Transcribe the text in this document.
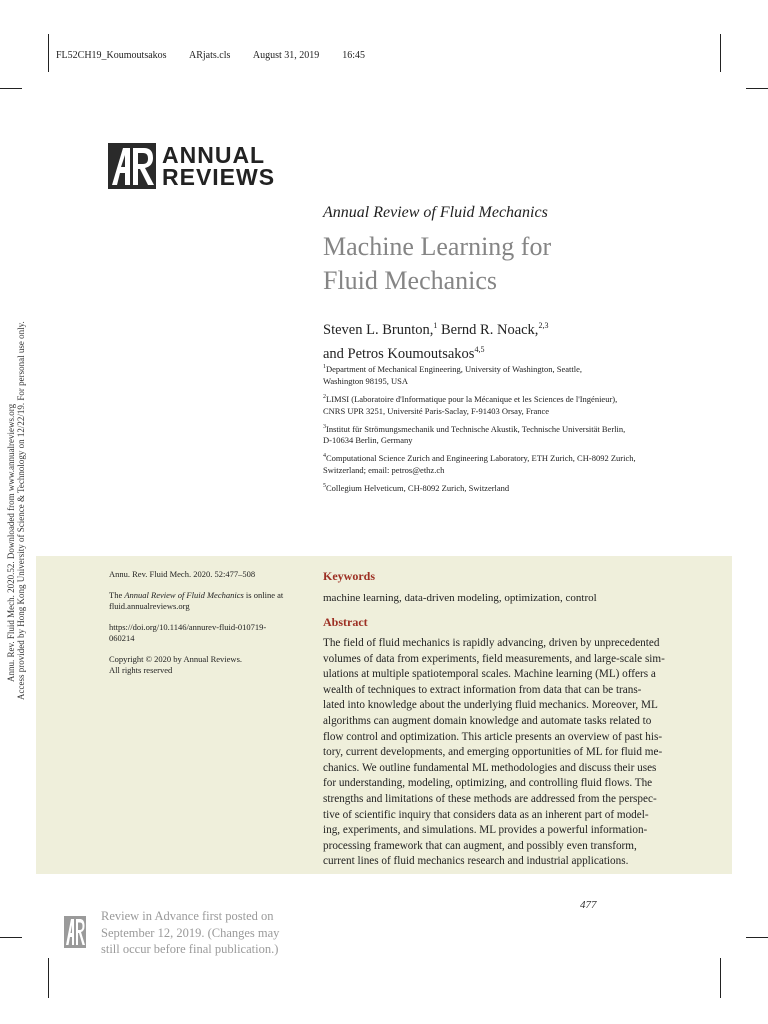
FL52CH19_Koumoutsakos ARjats.cls August 31, 2019 16:45
Annu. Rev. Fluid Mech. 2020.52. Downloaded from www.annualreviews.org Access provided by Hong Kong University of Science & Technology on 12/22/19. For personal use only.
ANNUAL
REVIEWS
Annual Review of Fluid Mechanics
Machine Learning for
Fluid Mechanics
Steven L. Brunton,$^1$ Bernd R. Noack,$^{2,3}$
and Petros Koumoutsakos$^{4,5}$
$^1$Department of Mechanical Engineering, University of Washington, Seattle,
Washington 98195, USA
$^2$LIMSI (Laboratoire d'Informatique pour la Mécanique et les Sciences de l'Ingénieur),
CNRS UPR 3251, Université Paris-Saclay, F-91403 Orsay, France
$^3$Institut für Strömungsmechanik und Technische Akustik, Technische Universität Berlin,
D-10634 Berlin, Germany
$^4$Computational Science Zurich and Engineering Laboratory, ETH Zurich, CH-8092 Zurich,
Switzerland; email: petros@ethz.ch
$^5$Collegium Helveticum, CH-8092 Zurich, Switzerland
Annu. Rev. Fluid Mech. 2020. 52:477–508
The Annual Review of Fluid Mechanics is online at
fluid.annualreviews.org
https://doi.org/10.1146/annurev-fluid-010719-
060214
Copyright © 2020 by Annual Reviews.
All rights reserved
Keywords
machine learning, data-driven modeling, optimization, control
Abstract
The field of fluid mechanics is rapidly advancing, driven by unprecedented
volumes of data from experiments, field measurements, and large-scale sim-
ulations at multiple spatiotemporal scales. Machine learning (ML) offers a
wealth of techniques to extract information from data that can be trans-
lated into knowledge about the underlying fluid mechanics. Moreover, ML
algorithms can augment domain knowledge and automate tasks related to
flow control and optimization. This article presents an overview of past his-
tory, current developments, and emerging opportunities of ML for fluid me-
chanics. We outline fundamental ML methodologies and discuss their uses
for understanding, modeling, optimizing, and controlling fluid flows. The
strengths and limitations of these methods are addressed from the perspec-
tive of scientific inquiry that considers data as an inherent part of model-
ing, experiments, and simulations. ML provides a powerful information-
processing framework that can augment, and possibly even transform,
current lines of fluid mechanics research and industrial applications.
477
Review in Advance first posted on
September 12, 2019. (Changes may
still occur before final publication.)
